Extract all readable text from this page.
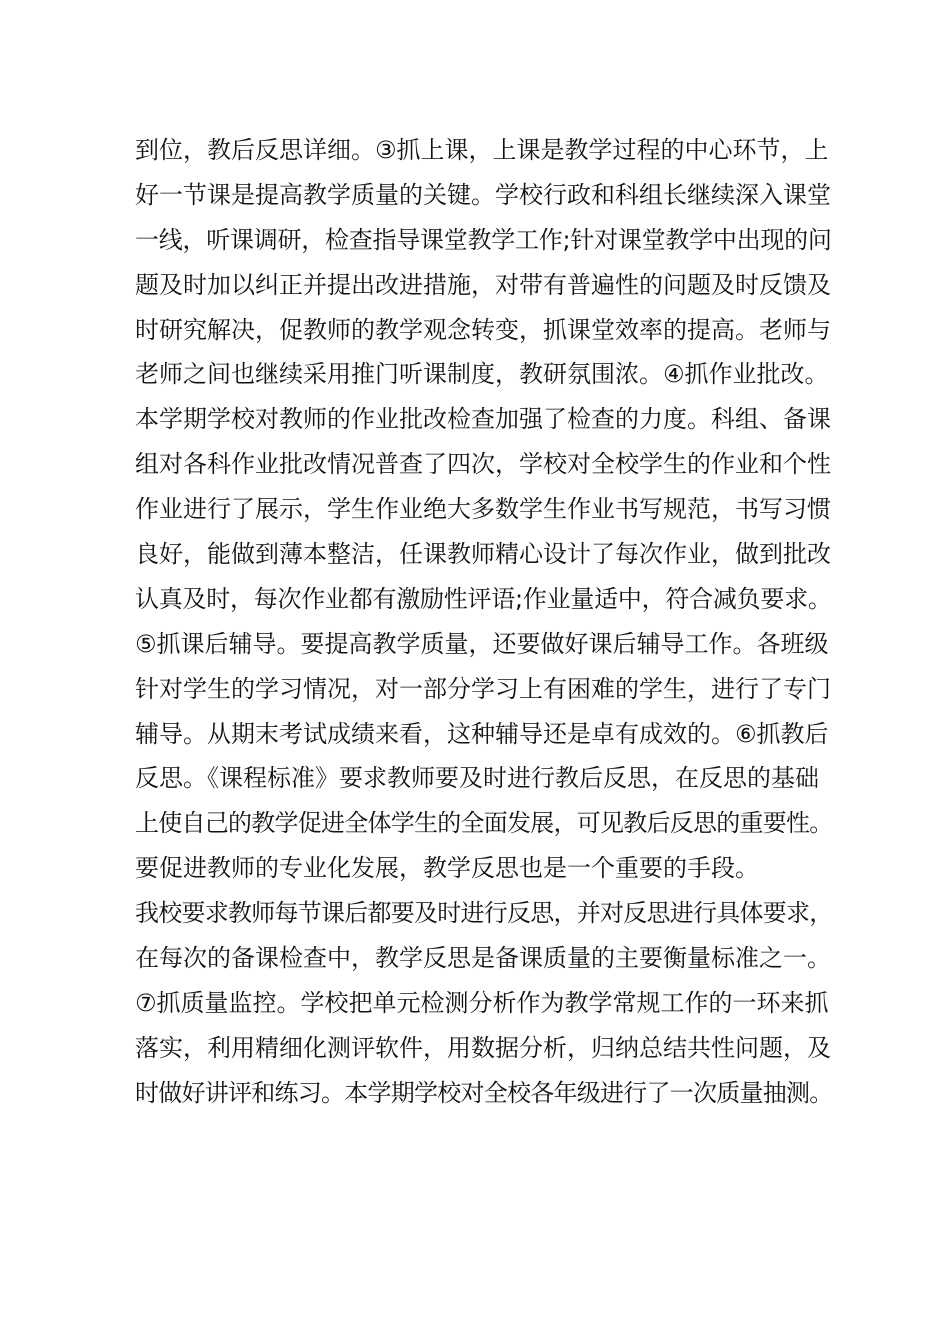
到位，教后反思详细。③抓上课，上课是教学过程的中心环节，上
好一节课是提高教学质量的关键。学校行政和科组长继续深入课堂
一线，听课调研，检查指导课堂教学工作;针对课堂教学中出现的问
题及时加以纠正并提出改进措施，对带有普遍性的问题及时反馈及
时研究解决，促教师的教学观念转变，抓课堂效率的提高。老师与
老师之间也继续采用推门听课制度，教研氛围浓。④抓作业批改。
本学期学校对教师的作业批改检查加强了检查的力度。科组、备课
组对各科作业批改情况普查了四次，学校对全校学生的作业和个性
作业进行了展示，学生作业绝大多数学生作业书写规范，书写习惯
良好，能做到薄本整洁，任课教师精心设计了每次作业，做到批改
认真及时，每次作业都有激励性评语;作业量适中，符合减负要求。
⑤抓课后辅导。要提高教学质量，还要做好课后辅导工作。各班级
针对学生的学习情况，对一部分学习上有困难的学生，进行了专门
辅导。从期末考试成绩来看，这种辅导还是卓有成效的。⑥抓教后
反思。《课程标准》要求教师要及时进行教后反思，在反思的基础
上使自己的教学促进全体学生的全面发展，可见教后反思的重要性。
要促进教师的专业化发展，教学反思也是一个重要的手段。
我校要求教师每节课后都要及时进行反思，并对反思进行具体要求，
在每次的备课检查中，教学反思是备课质量的主要衡量标准之一。
⑦抓质量监控。学校把单元检测分析作为教学常规工作的一环来抓
落实，利用精细化测评软件，用数据分析，归纳总结共性问题，及
时做好讲评和练习。本学期学校对全校各年级进行了一次质量抽测。
